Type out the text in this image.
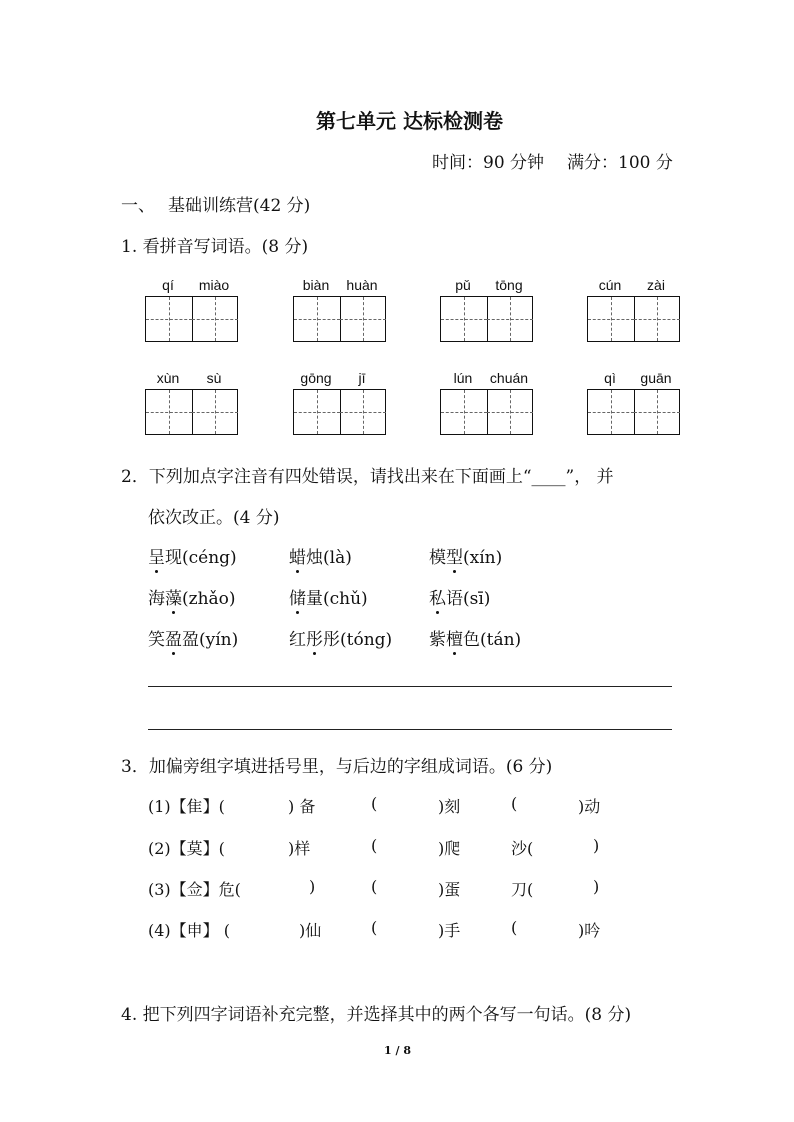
第七单元 达标检测卷
时间：90 分钟 满分：100 分
一、 基础训练营(42 分)
1. 看拼音写词语。(8 分)
qí miào	biàn huàn	pǔ tōng	cún zài
xùn sù	gōng jī	lún chuán	qì guān
2．下列加点字注音有四处错误，请找出来在下面画上“____”， 并
依次改正。(4 分)
呈现(céng)	蜡烛(là)	模型(xín)
海藻(zhǎo)	储量(chǔ)	私语(sī)
笑盈盈(yín)	红彤彤(tóng) 紫檀色(tán)
3．加偏旁组字填进括号里，与后边的字组成词语。(6 分)
(1)【隹】(	) 备	(	)刻	(	)动
(2)【莫】(	)样	(	)爬	沙(	)
(3)【佥】危(	)	(	)蛋	刀(	)
(4)【申】 (	)仙	(	)手	(	)吟
4. 把下列四字词语补充完整，并选择其中的两个各写一句话。(8 分)
1 / 8
